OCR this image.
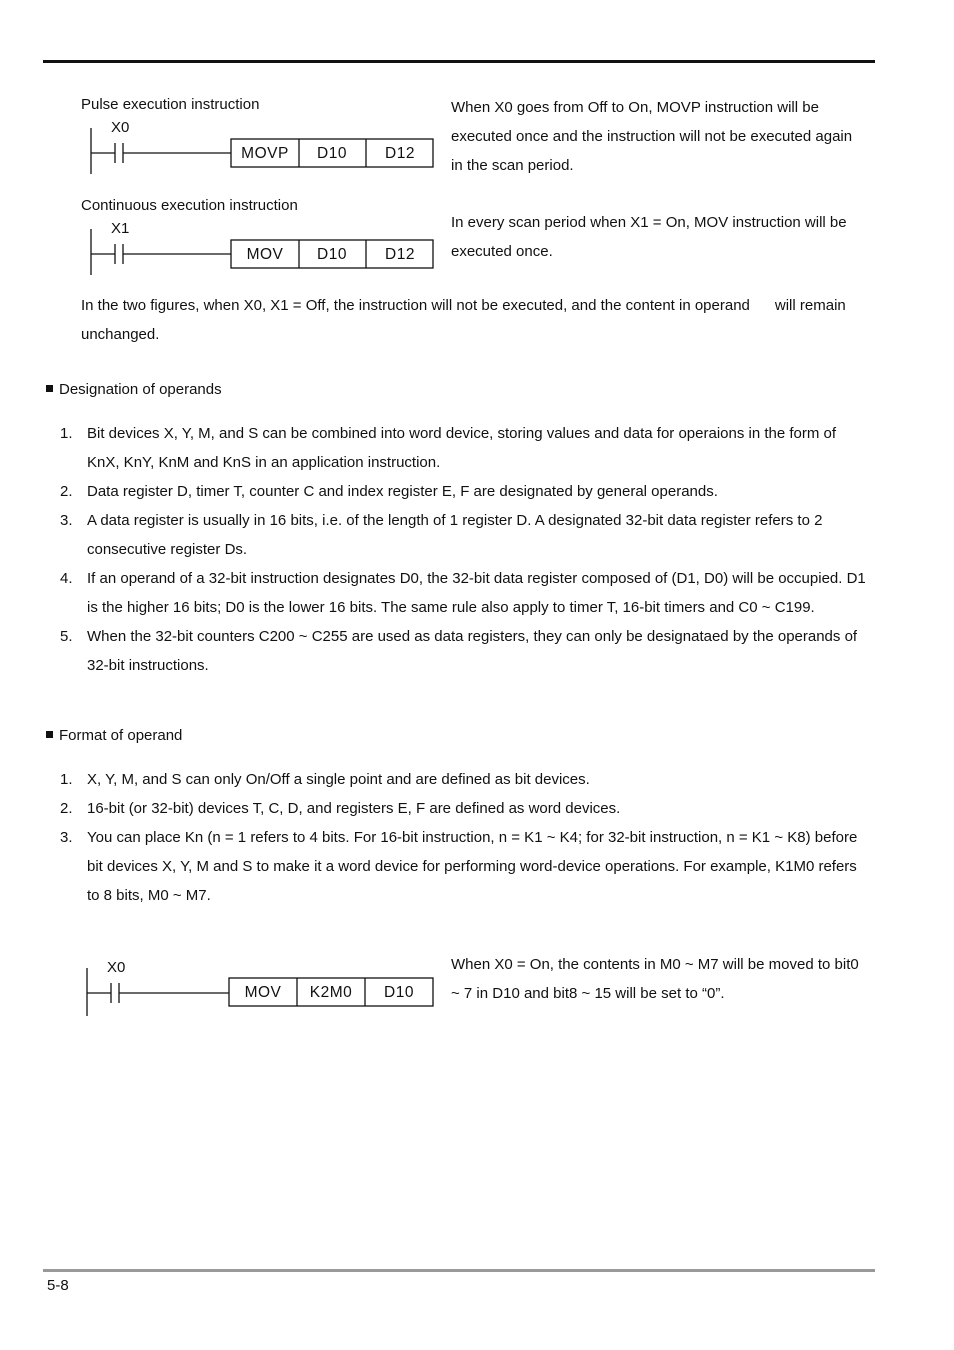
Pulse execution instruction
X0
MOVP D10 D12
When X0 goes from Off to On, MOVP instruction will be executed once and the instruction will not be executed again in the scan period.
Continuous execution instruction
X1
MOV D10 D12
In every scan period when X1 = On, MOV instruction will be executed once.
In the two figures, when X0, X1 = Off, the instruction will not be executed, and the content in operand      will remain unchanged.
Designation of operands
1. Bit devices X, Y, M, and S can be combined into word device, storing values and data for operaions in the form of KnX, KnY, KnM and KnS in an application instruction.
2. Data register D, timer T, counter C and index register E, F are designated by general operands.
3. A data register is usually in 16 bits, i.e. of the length of 1 register D. A designated 32-bit data register refers to 2 consecutive register Ds.
4. If an operand of a 32-bit instruction designates D0, the 32-bit data register composed of (D1, D0) will be occupied. D1 is the higher 16 bits; D0 is the lower 16 bits. The same rule also apply to timer T, 16-bit timers and C0 ~ C199.
5. When the 32-bit counters C200 ~ C255 are used as data registers, they can only be designataed by the operands of 32-bit instructions.
Format of operand
1. X, Y, M, and S can only On/Off a single point and are defined as bit devices.
2. 16-bit (or 32-bit) devices T, C, D, and registers E, F are defined as word devices.
3. You can place Kn (n = 1 refers to 4 bits. For 16-bit instruction, n = K1 ~ K4; for 32-bit instruction, n = K1 ~ K8) before bit devices X, Y, M and S to make it a word device for performing word-device operations. For example, K1M0 refers to 8 bits, M0 ~ M7.
X0
MOV K2M0 D10
When X0 = On, the contents in M0 ~ M7 will be moved to bit0 ~ 7 in D10 and bit8 ~ 15 will be set to “0”.
5-8
